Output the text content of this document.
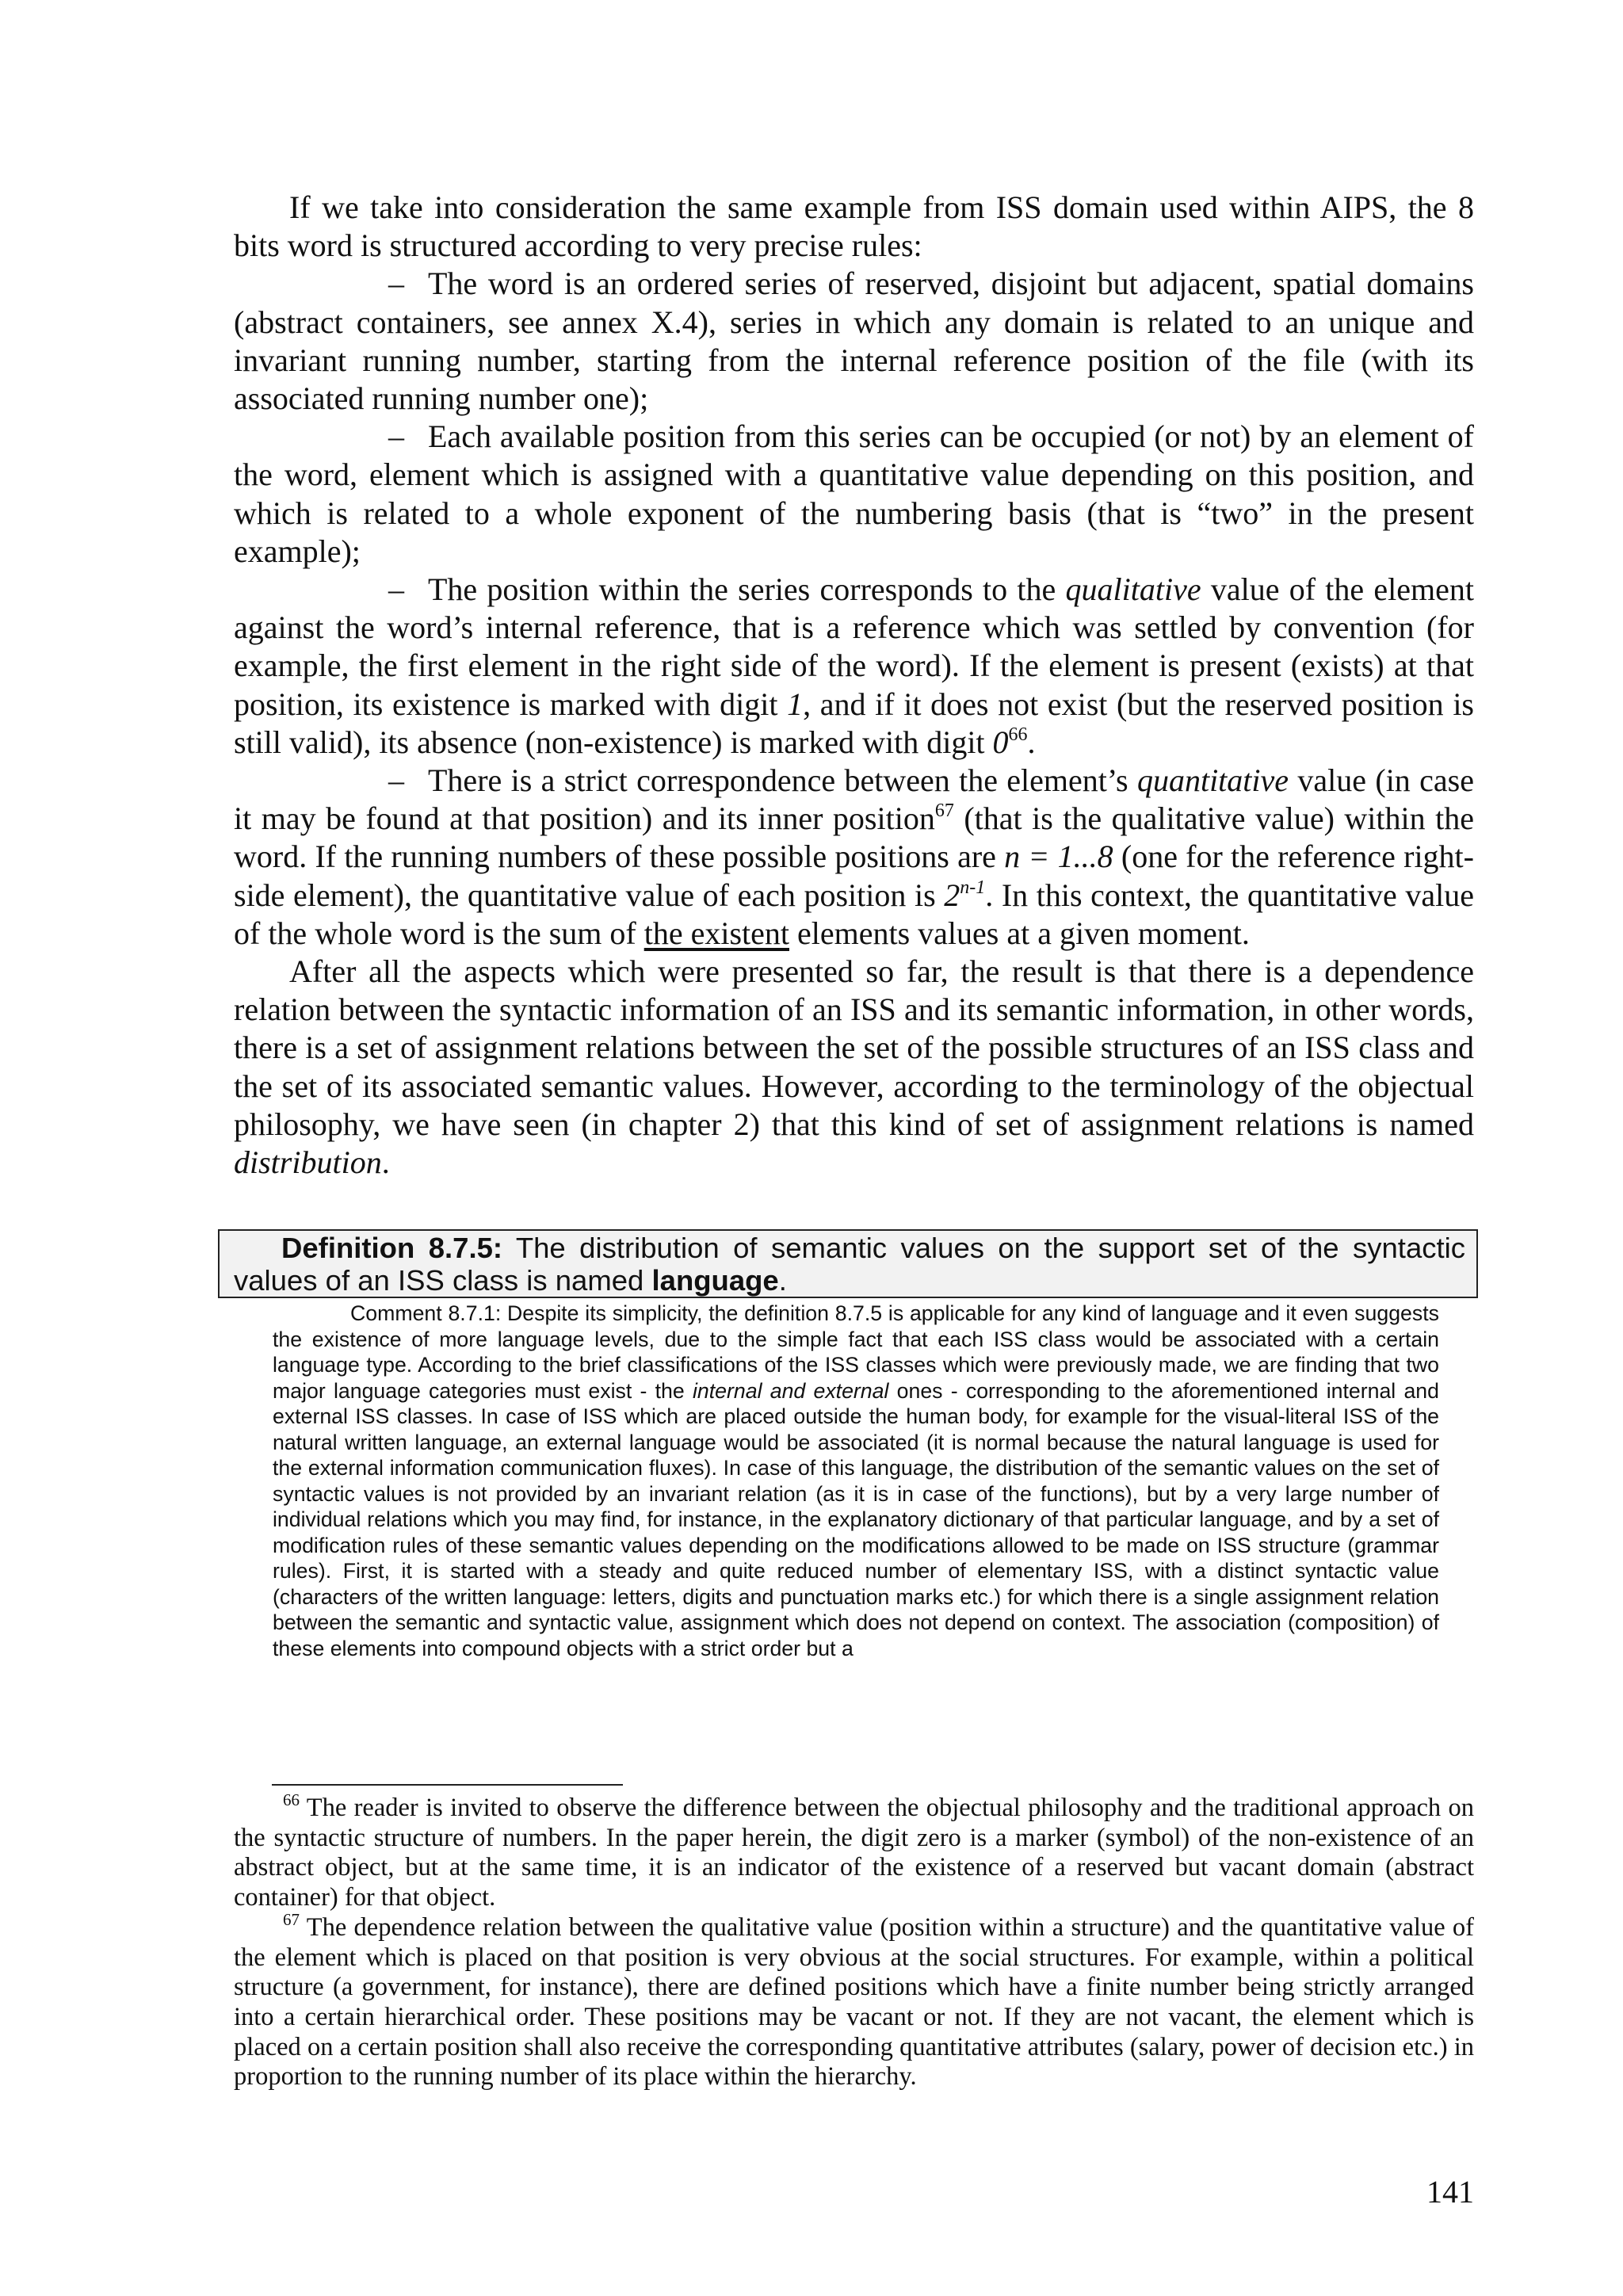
If we take into consideration the same example from ISS domain used within AIPS, the 8 bits word is structured according to very precise rules:

– The word is an ordered series of reserved, disjoint but adjacent, spatial domains (abstract containers, see annex X.4), series in which any domain is related to an unique and invariant running number, starting from the internal reference position of the file (with its associated running number one);

– Each available position from this series can be occupied (or not) by an element of the word, element which is assigned with a quantitative value depending on this position, and which is related to a whole exponent of the numbering basis (that is “two” in the present example);

– The position within the series corresponds to the qualitative value of the element against the word’s internal reference, that is a reference which was settled by convention (for example, the first element in the right side of the word). If the element is present (exists) at that position, its existence is marked with digit 1, and if it does not exist (but the reserved position is still valid), its absence (non-existence) is marked with digit $0^{66}$.

– There is a strict correspondence between the element’s quantitative value (in case it may be found at that position) and its inner position$^{67}$ (that is the qualitative value) within the word. If the running numbers of these possible positions are n = 1...8 (one for the reference right-side element), the quantitative value of each position is 2$^{n-1}$. In this context, the quantitative value of the whole word is the sum of the existent elements values at a given moment.

After all the aspects which were presented so far, the result is that there is a dependence relation between the syntactic information of an ISS and its semantic information, in other words, there is a set of assignment relations between the set of the possible structures of an ISS class and the set of its associated semantic values. However, according to the terminology of the objectual philosophy, we have seen (in chapter 2) that this kind of set of assignment relations is named distribution.

Definition 8.7.5: The distribution of semantic values on the support set of the syntactic values of an ISS class is named language.

Comment 8.7.1: Despite its simplicity, the definition 8.7.5 is applicable for any kind of language and it even suggests the existence of more language levels, due to the simple fact that each ISS class would be associated with a certain language type. According to the brief classifications of the ISS classes which were previously made, we are finding that two major language categories must exist - the internal and external ones - corresponding to the aforementioned internal and external ISS classes. In case of ISS which are placed outside the human body, for example for the visual-literal ISS of the natural written language, an external language would be associated (it is normal because the natural language is used for the external information communication fluxes). In case of this language, the distribution of the semantic values on the set of syntactic values is not provided by an invariant relation (as it is in case of the functions), but by a very large number of individual relations which you may find, for instance, in the explanatory dictionary of that particular language, and by a set of modification rules of these semantic values depending on the modifications allowed to be made on ISS structure (grammar rules). First, it is started with a steady and quite reduced number of elementary ISS, with a distinct syntactic value (characters of the written language: letters, digits and punctuation marks etc.) for which there is a single assignment relation between the semantic and syntactic value, assignment which does not depend on context. The association (composition) of these elements into compound objects with a strict order but a

$^{66}$ The reader is invited to observe the difference between the objectual philosophy and the traditional approach on the syntactic structure of numbers. In the paper herein, the digit zero is a marker (symbol) of the non-existence of an abstract object, but at the same time, it is an indicator of the existence of a reserved but vacant domain (abstract container) for that object.

$^{67}$ The dependence relation between the qualitative value (position within a structure) and the quantitative value of the element which is placed on that position is very obvious at the social structures. For example, within a political structure (a government, for instance), there are defined positions which have a finite number being strictly arranged into a certain hierarchical order. These positions may be vacant or not. If they are not vacant, the element which is placed on a certain position shall also receive the corresponding quantitative attributes (salary, power of decision etc.) in proportion to the running number of its place within the hierarchy.

141
